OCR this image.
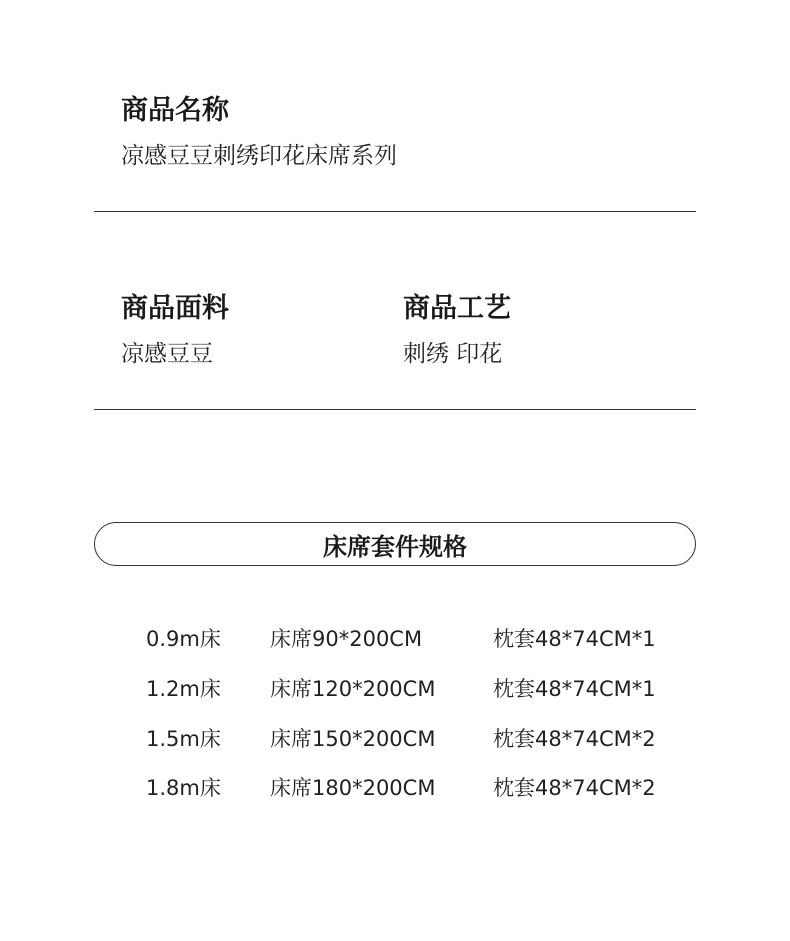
商品名称
凉感豆豆刺绣印花床席系列
商品面料
凉感豆豆
商品工艺
刺绣 印花
床席套件规格
0.9m床 床席90*200CM	枕套48*74CM*1
1.2m床 床席120*200CM	枕套48*74CM*1
1.5m床 床席150*200CM	枕套48*74CM*2
1.8m床 床席180*200CM	枕套48*74CM*2
